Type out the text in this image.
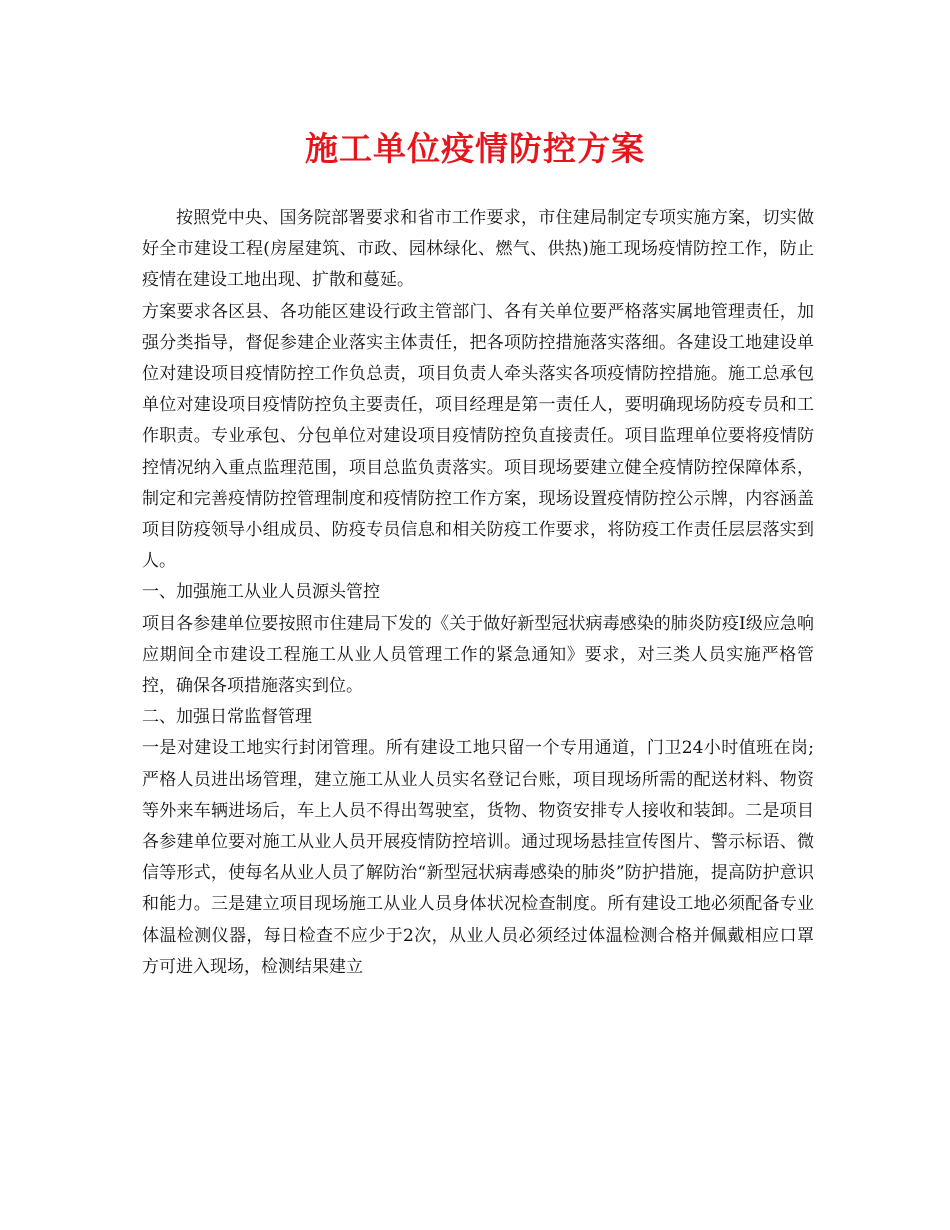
施工单位疫情防控方案

按照党中央、国务院部署要求和省市工作要求，市住建局制定专项实施方案，切实做好全市建设工程(房屋建筑、市政、园林绿化、燃气、供热)施工现场疫情防控工作，防止疫情在建设工地出现、扩散和蔓延。

方案要求各区县、各功能区建设行政主管部门、各有关单位要严格落实属地管理责任，加强分类指导，督促参建企业落实主体责任，把各项防控措施落实落细。各建设工地建设单位对建设项目疫情防控工作负总责，项目负责人牵头落实各项疫情防控措施。施工总承包单位对建设项目疫情防控负主要责任，项目经理是第一责任人，要明确现场防疫专员和工作职责。专业承包、分包单位对建设项目疫情防控负直接责任。项目监理单位要将疫情防控情况纳入重点监理范围，项目总监负责落实。项目现场要建立健全疫情防控保障体系，制定和完善疫情防控管理制度和疫情防控工作方案，现场设置疫情防控公示牌，内容涵盖项目防疫领导小组成员、防疫专员信息和相关防疫工作要求，将防疫工作责任层层落实到人。

一、加强施工从业人员源头管控

项目各参建单位要按照市住建局下发的《关于做好新型冠状病毒感染的肺炎防疫Ⅰ级应急响应期间全市建设工程施工从业人员管理工作的紧急通知》要求，对三类人员实施严格管控，确保各项措施落实到位。

二、加强日常监督管理

一是对建设工地实行封闭管理。所有建设工地只留一个专用通道，门卫24小时值班在岗;严格人员进出场管理，建立施工从业人员实名登记台账，项目现场所需的配送材料、物资等外来车辆进场后，车上人员不得出驾驶室，货物、物资安排专人接收和装卸。二是项目各参建单位要对施工从业人员开展疫情防控培训。通过现场悬挂宣传图片、警示标语、微信等形式，使每名从业人员了解防治“新型冠状病毒感染的肺炎”防护措施，提高防护意识和能力。三是建立项目现场施工从业人员身体状况检查制度。所有建设工地必须配备专业体温检测仪器，每日检查不应少于2次，从业人员必须经过体温检测合格并佩戴相应口罩方可进入现场，检测结果建立
